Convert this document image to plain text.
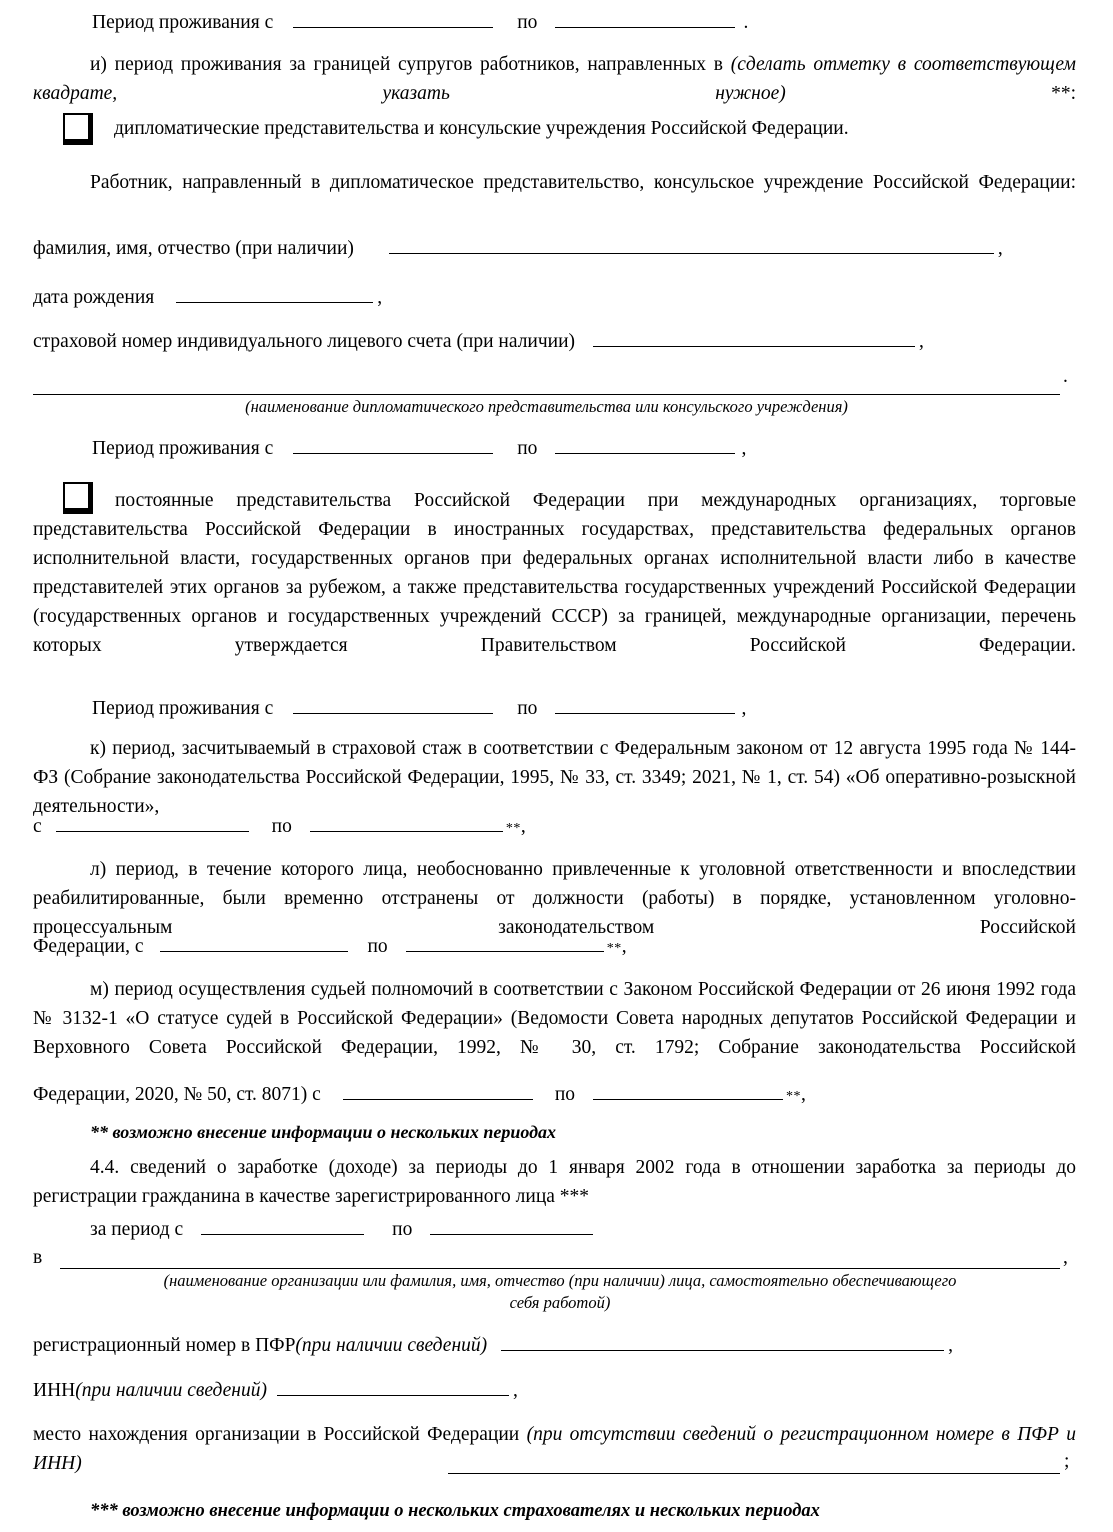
Период проживания с	по	.
и) период проживания за границей супругов работников, направленных в (сделать отметку в соответствующем квадрате, указать нужное) **:
дипломатические представительства и консульские учреждения Российской Федерации.
Работник, направленный в дипломатическое представительство, консульское учреждение Российской Федерации:
фамилия, имя, отчество (при наличии)	,
дата рождения	,
страховой номер индивидуального лицевого счета (при наличии)	,
.
(наименование дипломатического представительства или консульского учреждения)
Период проживания с	по	,
постоянные представительства Российской Федерации при международных организациях, торговые представительства Российской Федерации в иностранных государствах, представительства федеральных органов исполнительной власти, государственных органов при федеральных органах исполнительной власти либо в качестве представителей этих органов за рубежом, а также представительства государственных учреждений Российской Федерации (государственных органов и государственных учреждений СССР) за границей, международные организации, перечень которых утверждается Правительством Российской Федерации.
Период проживания с	по	,
к) период, засчитываемый в страховой стаж в соответствии с Федеральным законом от 12 августа 1995 года № 144-ФЗ (Собрание законодательства Российской Федерации, 1995, № 33, ст. 3349; 2021, № 1, ст. 54) «Об оперативно-розыскной деятельности»,
с	по	** ,
л) период, в течение которого лица, необоснованно привлеченные к уголовной ответственности и впоследствии реабилитированные, были временно отстранены от должности (работы) в порядке, установленном уголовно-процессуальным законодательством Российской
Федерации, с	по	** ,
м) период осуществления судьей полномочий в соответствии с Законом Российской Федерации от 26 июня 1992 года № 3132-1 «О статусе судей в Российской Федерации» (Ведомости Совета народных депутатов Российской Федерации и Верховного Совета Российской Федерации, 1992, № 30, ст. 1792; Собрание законодательства Российской
Федерации, 2020, № 50, ст. 8071) с	по	** ,
** возможно внесение информации о нескольких периодах
4.4. сведений о заработке (доходе) за периоды до 1 января 2002 года в отношении заработка за периоды до регистрации гражданина в качестве зарегистрированного лица ***
за период с	по
в	,
(наименование организации или фамилия, имя, отчество (при наличии) лица, самостоятельно обеспечивающего
себя работой)
регистрационный номер в ПФР (при наличии сведений)	,
ИНН (при наличии сведений)	,
место нахождения организации в Российской Федерации (при отсутствии сведений о регистрационном номере в ПФР и ИНН)	;
*** возможно внесение информации о нескольких страхователях и нескольких периодах
